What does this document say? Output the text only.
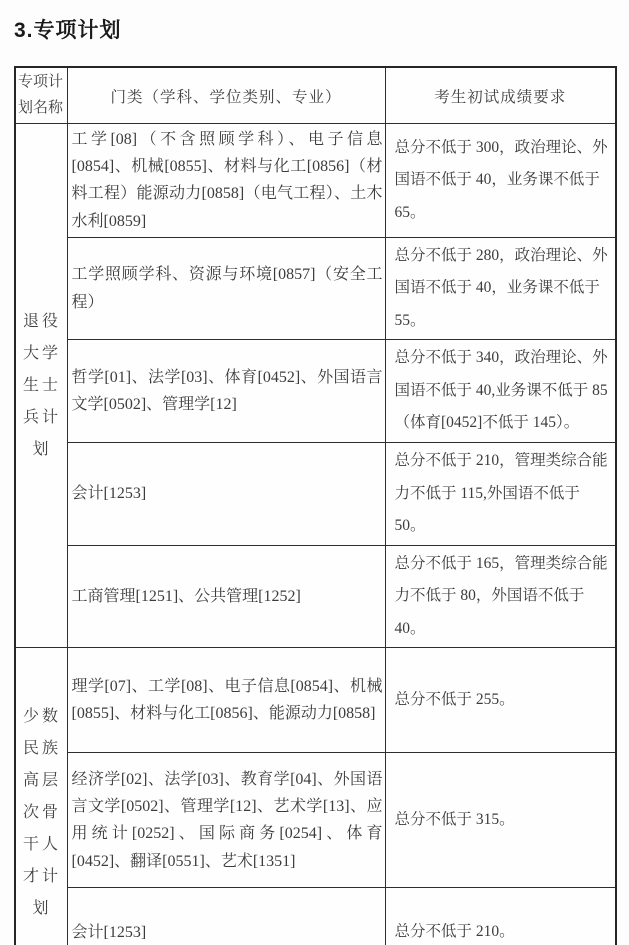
3.专项计划
专项计划名称	门类（学科、学位类别、专业）	考生初试成绩要求
退役大学生士兵计划	工学[08]（不含照顾学科）、电子信息[0854]、机械[0855]、材料与化工[0856]（材料工程）能源动力[0858]（电气工程）、土木水利[0859]	总分不低于 300，政治理论、外国语不低于 40，业务课不低于 65。
	工学照顾学科、资源与环境[0857]（安全工程）	总分不低于 280，政治理论、外国语不低于 40，业务课不低于 55。
	哲学[01]、法学[03]、体育[0452]、外国语言文学[0502]、管理学[12]	总分不低于 340，政治理论、外国语不低于 40,业务课不低于 85（体育[0452]不低于 145）。
	会计[1253]	总分不低于 210，管理类综合能力不低于 115,外国语不低于 50。
	工商管理[1251]、公共管理[1252]	总分不低于 165，管理类综合能力不低于 80，外国语不低于 40。
少数民族高层次骨干人才计划	理学[07]、工学[08]、电子信息[0854]、机械[0855]、材料与化工[0856]、能源动力[0858]	总分不低于 255。
	经济学[02]、法学[03]、教育学[04]、外国语言文学[0502]、管理学[12]、艺术学[13]、应用统计[0252]、国际商务[0254]、体育[0452]、翻译[0551]、艺术[1351]	总分不低于 315。
	会计[1253]	总分不低于 210。
